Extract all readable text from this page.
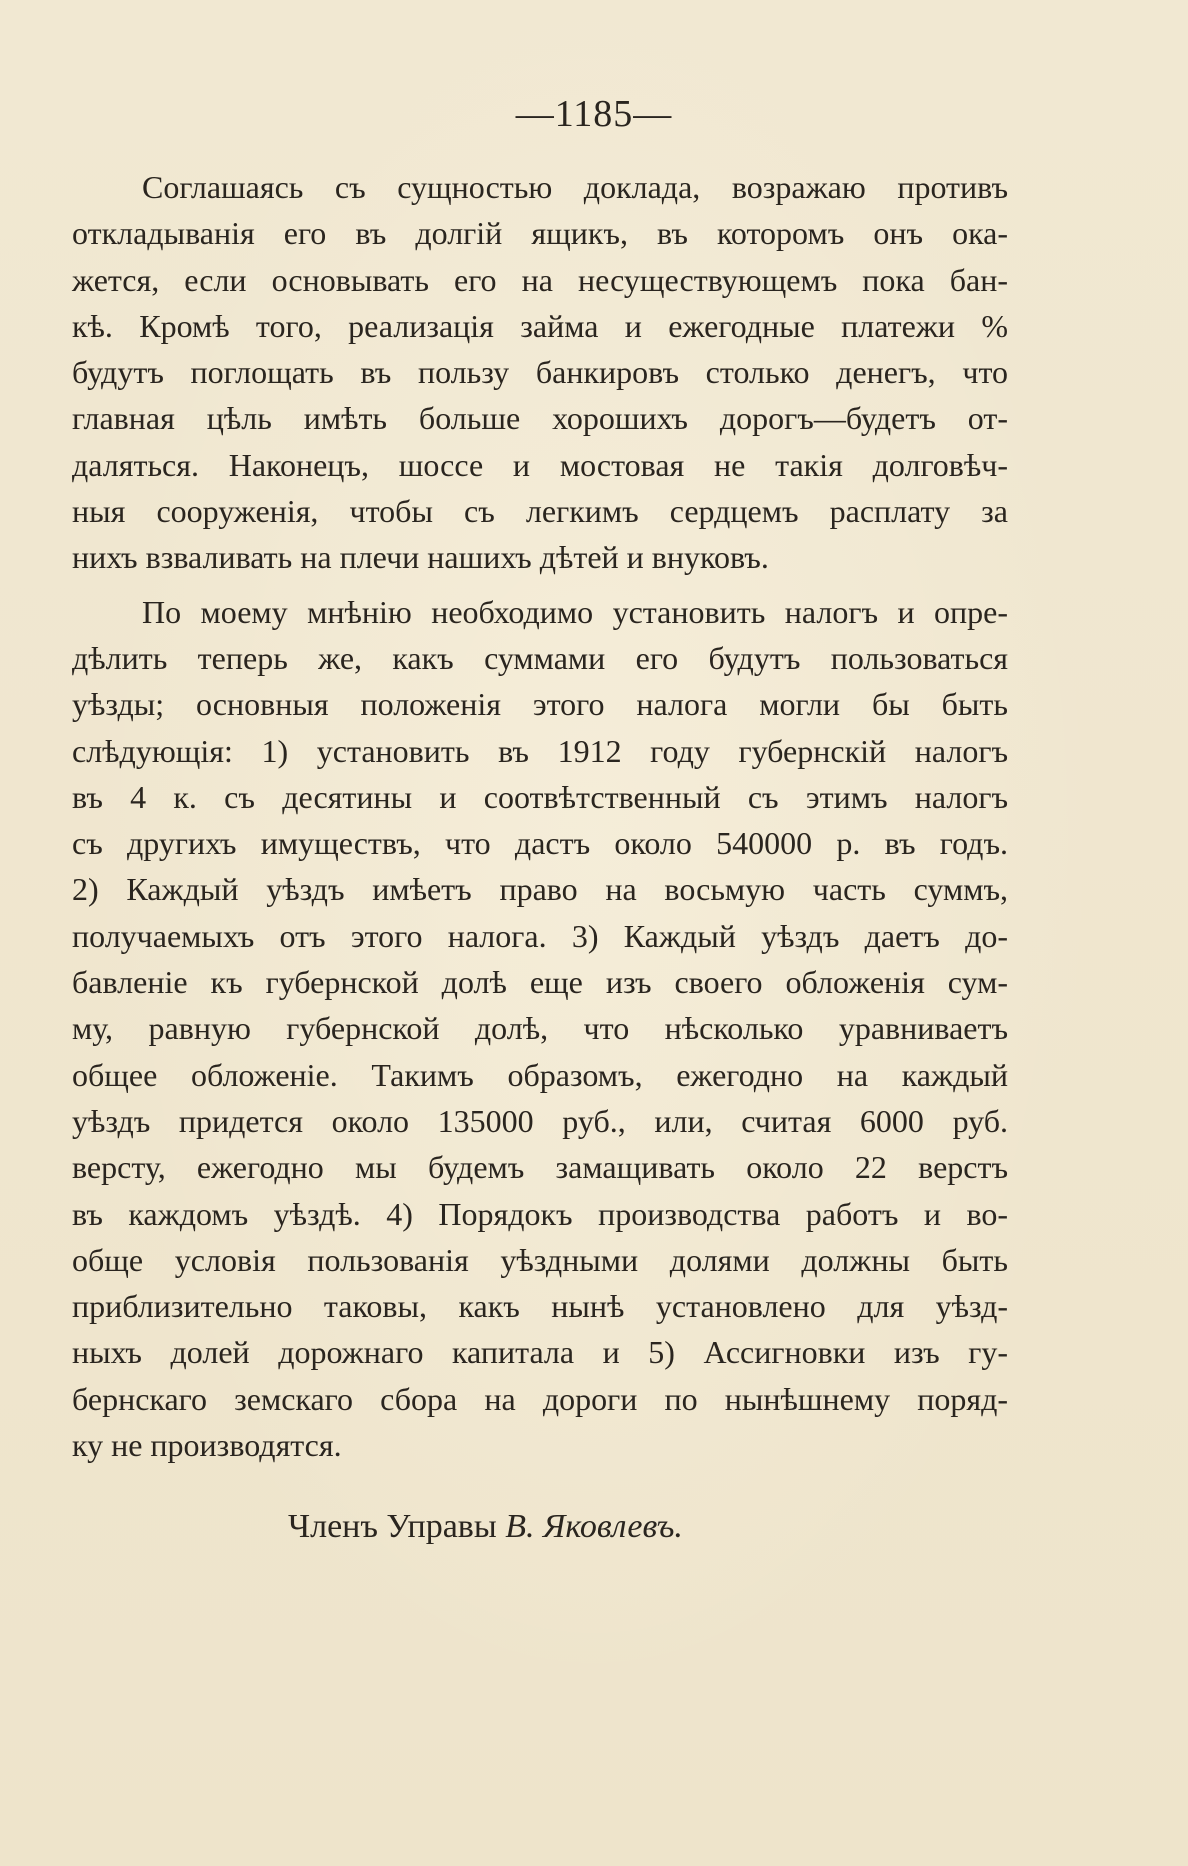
—1185—
Соглашаясь съ сущностью доклада, возражаю противъ
откладыванія его въ долгій ящикъ, въ которомъ онъ ока-
жется, если основывать его на несуществующемъ пока бан-
кѣ. Кромѣ того, реализація займа и ежегодные платежи %
будутъ поглощать въ пользу банкировъ столько денегъ, что
главная цѣль имѣть больше хорошихъ дорогъ—будетъ от-
даляться. Наконецъ, шоссе и мостовая не такія долговѣч-
ныя сооруженія, чтобы съ легкимъ сердцемъ расплату за
нихъ взваливать на плечи нашихъ дѣтей и внуковъ.
По моему мнѣнію необходимо установить налогъ и опре-
дѣлить теперь же, какъ суммами его будутъ пользоваться
уѣзды; основныя положенія этого налога могли бы быть
слѣдующія: 1) установить въ 1912 году губернскій налогъ
въ 4 к. съ десятины и соотвѣтственный съ этимъ налогъ
съ другихъ имуществъ, что дастъ около 540000 р. въ годъ.
2) Каждый уѣздъ имѣетъ право на восьмую часть суммъ,
получаемыхъ отъ этого налога. 3) Каждый уѣздъ даетъ до-
бавленіе къ губернской долѣ еще изъ своего обложенія сум-
му, равную губернской долѣ, что нѣсколько уравниваетъ
общее обложеніе. Такимъ образомъ, ежегодно на каждый
уѣздъ придется около 135000 руб., или, считая 6000 руб.
версту, ежегодно мы будемъ замащивать около 22 верстъ
въ каждомъ уѣздѣ. 4) Порядокъ производства работъ и во-
обще условія пользованія уѣздными долями должны быть
приблизительно таковы, какъ нынѣ установлено для уѣзд-
ныхъ долей дорожнаго капитала и 5) Ассигновки изъ гу-
бернскаго земскаго сбора на дороги по нынѣшнему поряд-
ку не производятся.
Членъ Управы В. Яковлевъ.
